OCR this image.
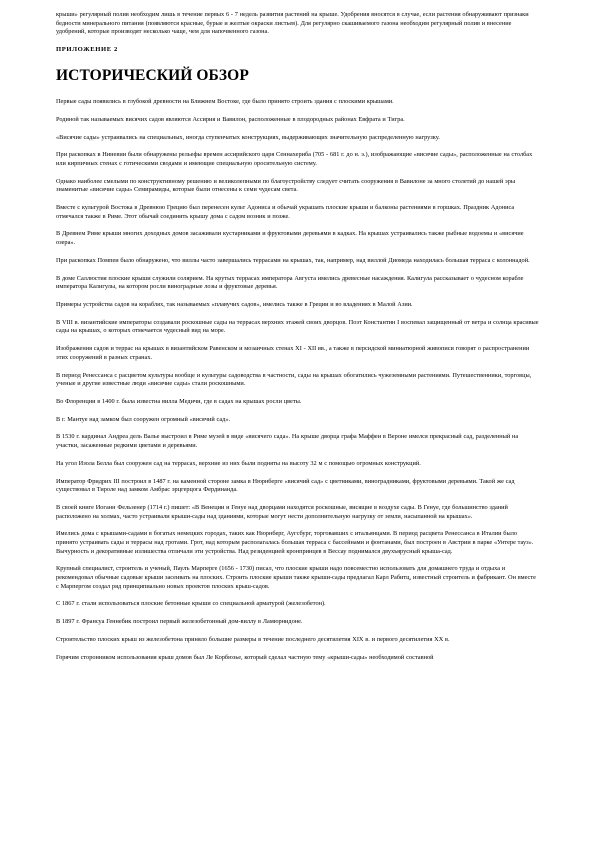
крыши» регулярный полив необходим лишь в течение первых 6 - 7 недель развития растений на крыше. Удобрения вносятся в случае, если растения обнаруживают признаки бедности минерального питания (появляются красные, бурые и желтые окраски листьев). Для регулярно скашиваемого газона необходим регулярный полив и внесение удобрений, которые производят несколько чаще, чем для напочвенного газона.

ПРИЛОЖЕНИЕ 2

ИСТОРИЧЕСКИЙ ОБЗОР

Первые сады появились в глубокой древности на Ближнем Востоке, где было принято строить здания с плоскими крышами.

Родиной так называемых висячих садов являются Ассирия и Вавилон, расположенные в плодородных районах Евфрата и Тигра.

«Висячие сады» устраивались на специальных, иногда ступенчатых конструкциях, выдерживающих значительную распределенную нагрузку.

При раскопках в Ниневии были обнаружены рельефы времен ассирийского царя Сеннахериба (705 - 681 г. до н. э.), изображающие «висячие сады», расположенные на столбах или кирпичных стенах с готическими сводами и имеющие специальную оросительную систему.

Однако наиболее смелыми по конструктивному решению и великолепными по благоустройству следует считать сооружения в Вавилоне за много столетий до нашей эры знаменитые «висячие сады» Семирамиды, которые были отнесены к семи чудесам света.

Вместе с культурой Востока в Древнюю Грецию был перенесен культ Адониса и обычай украшать плоские крыши и балконы растениями в горшках. Праздник Адониса отмечался также в Риме. Этот обычай соединить крышу дома с садом возник и позже.

В Древнем Риме крыши многих доходных домов засаживали кустарниками и фруктовыми деревьями в кадках. На крышах устраивались также рыбные водоемы и «висячие озера».

При раскопках Помпеи было обнаружено, что виллы часто завершались террасами на крышах, так, например, над виллой Диомеда находилась большая терраса с колоннадой.

В доме Саллюстия плоские крыши служили солярием. На крутых террасах императора Августа имелись древесные насаждения. Калигула рассказывает о чудесном корабле императора Калигулы, на котором росли виноградные лозы и фруктовые деревья.

Примеры устройства садов на кораблях, так называемых «плавучих садов», имелись также в Греции и во владениях в Малой Азии.

В VIII в. византийские императоры создавали роскошные сады на террасах верхних этажей своих дворцов. Поэт Константин I воспевал защищенный от ветра и солнца красивые сады на крышах, о которых отмечается чудесный вид на море.

Изображения садов и террас на крышах в византийском Равенском и мозаичных стенах XI - XII вв., а также в персидской миниатюрной живописи говорят о распространении этих сооружений в разных странах.

В период Ренессанса с расцветом культуры вообще и культуры садоводства в частности, сады на крышах обогатились чужеземными растениями. Путешественники, торговцы, ученые и другие известные люди «висячие сады» стали роскошными.

Во Флоренции в 1400 г. была известна вилла Медичи, где в садах на крышах росли цветы.

В г. Мантуе над замком был сооружен огромный «висячий сад».

В 1530 г. кардинал Андреа дель Валье выстроил в Риме музей в виде «висячего сада». На крыше дворца графа Маффеи в Вероне имелся прекрасный сад, разделенный на участки, засаженные редкими цветами и деревьями.

На угол Изола Белла был сооружен сад на террасах, верхние из них были подняты на высоту 32 м с помощью огромных конструкций.

Император Фридрих III построил в 1487 г. на каменной стороне замка в Нюрнберге «висячий сад» с цветниками, виноградниками, фруктовыми деревьями. Такой же сад существовал в Тироле над замком Амбрас эрцгерцога Фердинанда.

В своей книге Иоганн Фельзенер (1714 г.) пишет: «В Венеции и Генуе над дворцами находятся роскошные, висящие в воздухе сады. В Генуе, где большинство зданий расположено на холмах, часто устраивали крыши-сады над зданиями, которые могут нести дополнительную нагрузку от земли, насыпанной на крышах».

Имелись дома с крышами-садами в богатых немецких городах, таких как Нюрнберг, Аугсбург, торговавших с итальянцами. В период расцвета Ренессанса в Италии было принято устраивать сады и террасы над гротами. Грот, над которым располагалась большая терраса с бассейнами и фонтанами, был построен в Австрии в парке «Унтере тауз». Вычурность и декоративные излишества отличали эти устройства. Над резиденцией кронпринцев в Вессау поднимался двухъярусный крыша-сад.

Крупный специалист, строитель и ученый, Паулъ Марперге (1656 - 1730) писал, что плоские крыши надо повсеместно использовать для домашнего труда и отдыха и рекомендовал обычные садовые крыши засеивать на плоских. Строить плоские крыши также крыши-сады предлагал Карл Рабитц, известный строитель и фабрикант. Он вместе с Марпергом создал ряд принципиально новых проектов плоских крыш-садов.

С 1867 г. стали использоваться плоские бетонные крыши со специальной арматурой (железобетон).

В 1897 г. Франсуа Геннебик построил первый железобетонный дом-виллу в Ламюрнидоне.

Строительство плоских крыш из железобетона приняло большие размеры в течение последнего десятилетия XIX в. и первого десятилетия XX в.

Горячим сторонником использования крыш домов был Ле Корбюзье, который сделал частную тему «крыши-сады» необходимой составной
